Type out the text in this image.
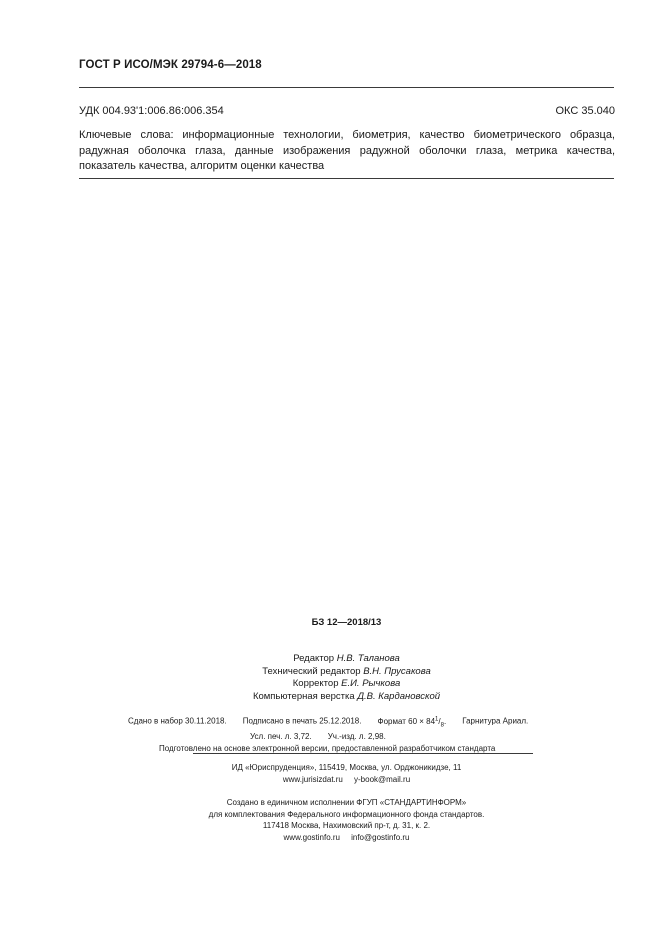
ГОСТ Р ИСО/МЭК 29794-6—2018
УДК 004.93'1:006.86:006.354	ОКС 35.040
Ключевые слова: информационные технологии, биометрия, качество биометрического образца, радужная оболочка глаза, данные изображения радужной оболочки глаза, метрика качества, показатель качества, алгоритм оценки качества
БЗ 12—2018/13
Редактор Н.В. Таланова
Технический редактор В.Н. Прусакова
Корректор Е.И. Рычкова
Компьютерная верстка Д.В. Кардановской
Сдано в набор 30.11.2018. Подписано в печать 25.12.2018. Формат $60 \times 84^1/_8$. Гарнитура Ариал.
Усл. печ. л. 3,72. Уч.-изд. л. 2,98.
Подготовлено на основе электронной версии, предоставленной разработчиком стандарта
ИД «Юриспруденция», 115419, Москва, ул. Орджоникидзе, 11
www.jurisizdat.ru y-book@mail.ru
Создано в единичном исполнении ФГУП «СТАНДАРТИНФОРМ»
для комплектования Федерального информационного фонда стандартов.
117418 Москва, Нахимовский пр-т, д. 31, к. 2.
www.gostinfo.ru info@gostinfo.ru
